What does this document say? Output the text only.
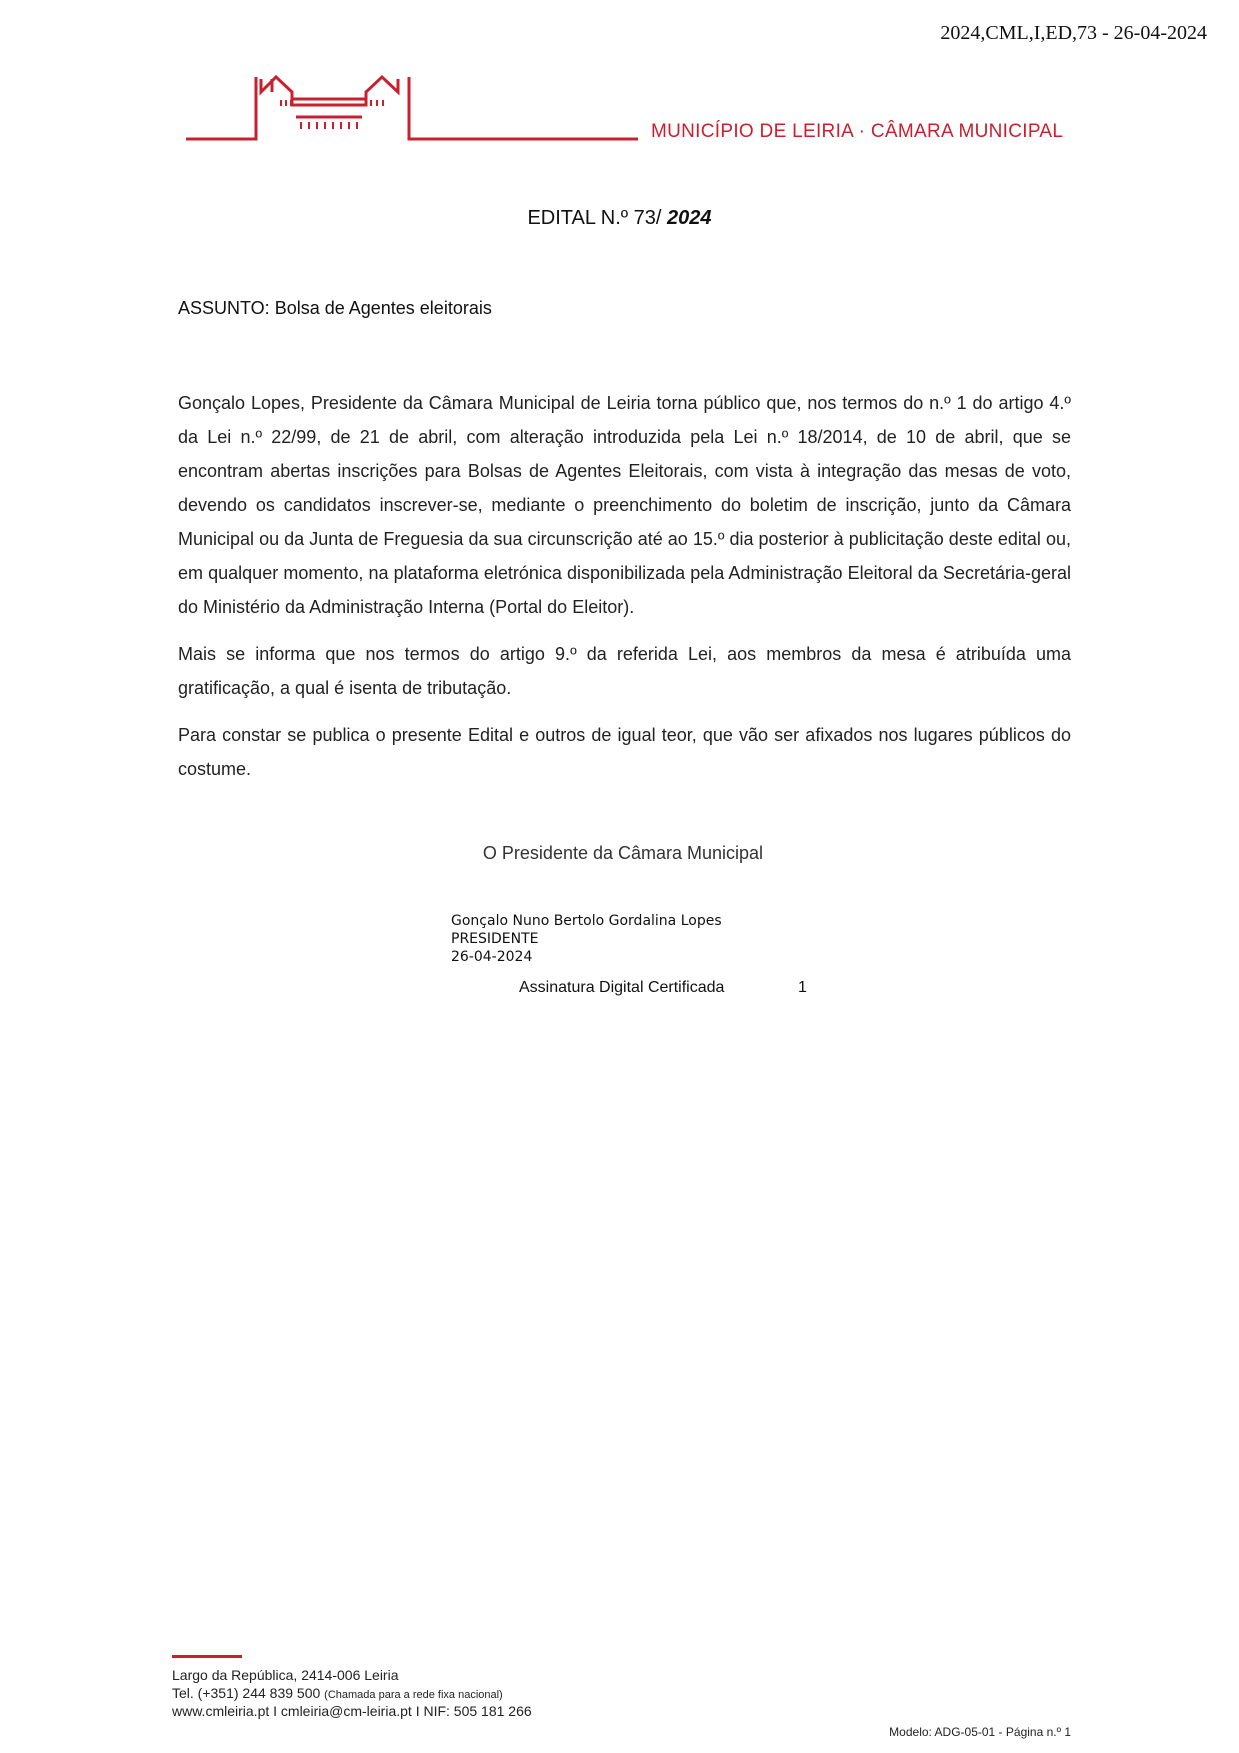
2024,CML,I,ED,73 - 26-04-2024
MUNICÍPIO DE LEIRIA · CÂMARA MUNICIPAL
EDITAL N.º 73/ 2024
ASSUNTO: Bolsa de Agentes eleitorais
Gonçalo Lopes, Presidente da Câmara Municipal de Leiria torna público que, nos termos do n.º 1 do artigo 4.º da Lei n.º 22/99, de 21 de abril, com alteração introduzida pela Lei n.º 18/2014, de 10 de abril, que se encontram abertas inscrições para Bolsas de Agentes Eleitorais, com vista à integração das mesas de voto, devendo os candidatos inscrever-se, mediante o preenchimento do boletim de inscrição, junto da Câmara Municipal ou da Junta de Freguesia da sua circunscrição até ao 15.º dia posterior à publicitação deste edital ou, em qualquer momento, na plataforma eletrónica disponibilizada pela Administração Eleitoral da Secretária-geral do Ministério da Administração Interna (Portal do Eleitor).
Mais se informa que nos termos do artigo 9.º da referida Lei, aos membros da mesa é atribuída uma gratificação, a qual é isenta de tributação.
Para constar se publica o presente Edital e outros de igual teor, que vão ser afixados nos lugares públicos do costume.
O Presidente da Câmara Municipal
Gonçalo Nuno Bertolo Gordalina Lopes
PRESIDENTE
26-04-2024
Assinatura Digital Certificada	1
Largo da República, 2414-006 Leiria
Tel. (+351) 244 839 500 (Chamada para a rede fixa nacional)
www.cmleiria.pt I cmleiria@cm-leiria.pt I NIF: 505 181 266
Modelo: ADG-05-01 - Página n.º 1
